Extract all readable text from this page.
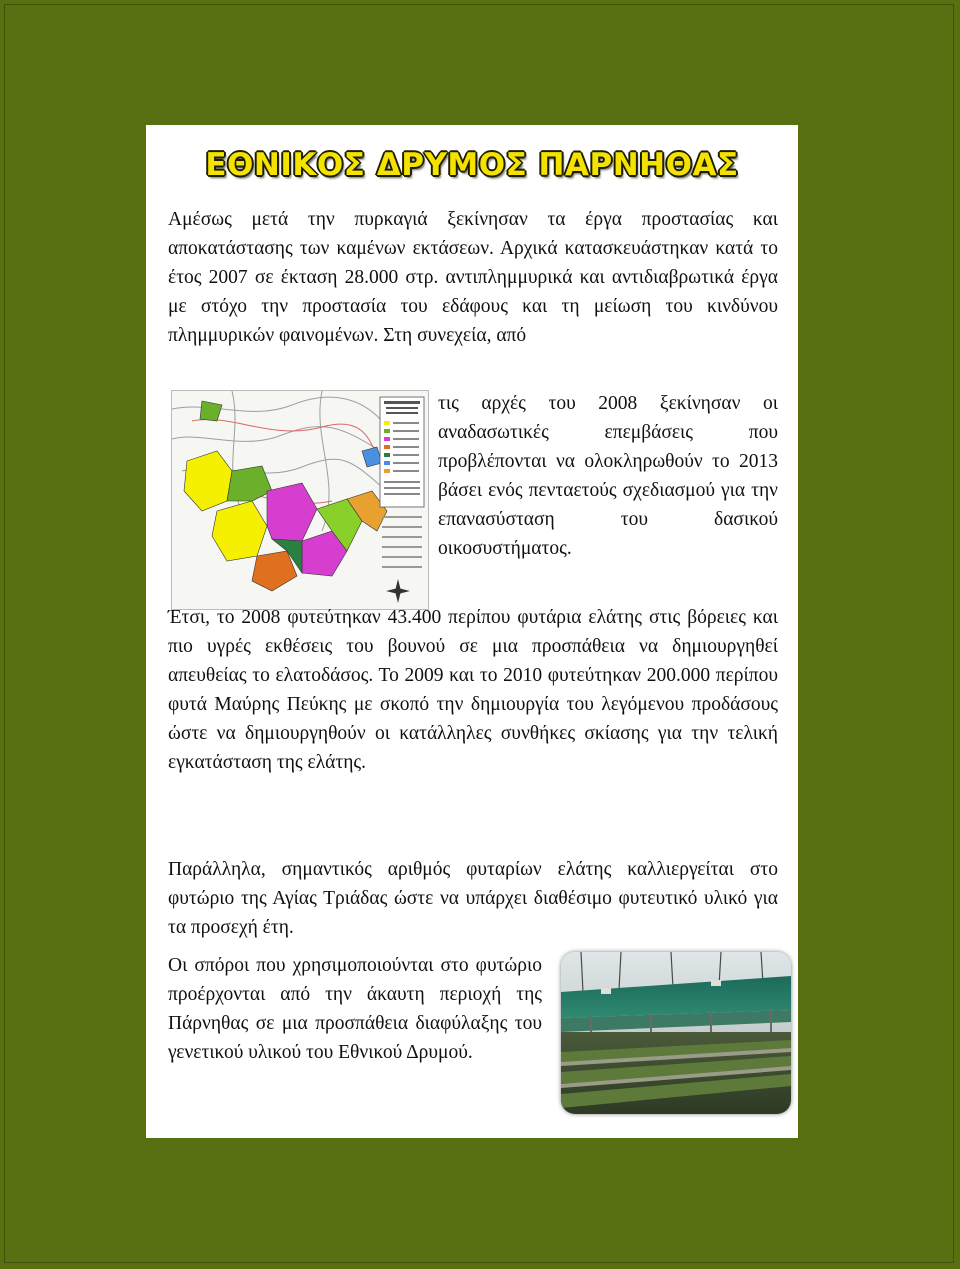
ΕΘΝΙΚΟΣ ΔΡΥΜΟΣ ΠΑΡΝΗΘΑΣ

Αμέσως μετά την πυρκαγιά ξεκίνησαν τα έργα προστασίας και αποκατάστασης των καμένων εκτάσεων. Αρχικά κατασκευάστηκαν κατά το έτος 2007 σε έκταση 28.000 στρ. αντιπλημμυρικά και αντιδιαβρωτικά έργα με στόχο την προστασία του εδάφους και τη μείωση του κινδύνου πλημμυρικών φαινομένων. Στη συνεχεία, από

τις αρχές του 2008 ξεκίνησαν οι αναδασωτικές επεμβάσεις που προβλέπονται να ολοκληρωθούν το 2013 βάσει ενός πενταετούς σχεδιασμού για την επανασύσταση του δασικού οικοσυστήματος.

Έτσι, το 2008 φυτεύτηκαν 43.400 περίπου φυτάρια ελάτης στις βόρειες και πιο υγρές εκθέσεις του βουνού σε μια προσπάθεια να δημιουργηθεί απευθείας το ελατοδάσος. Το 2009 και το 2010 φυτεύτηκαν 200.000 περίπου φυτά Μαύρης Πεύκης με σκοπό την δημιουργία του λεγόμενου προδάσους ώστε να δημιουργηθούν οι κατάλληλες συνθήκες σκίασης για την τελική εγκατάσταση της ελάτης.

Παράλληλα, σημαντικός αριθμός φυταρίων ελάτης καλλιεργείται στο φυτώριο της Αγίας Τριάδας ώστε να υπάρχει διαθέσιμο φυτευτικό υλικό για τα προσεχή έτη.

Οι σπόροι που χρησιμοποιούνται στο φυτώριο προέρχονται από την άκαυτη περιοχή της Πάρνηθας σε μια προσπάθεια διαφύλαξης του γενετικού υλικού του Εθνικού Δρυμού.
